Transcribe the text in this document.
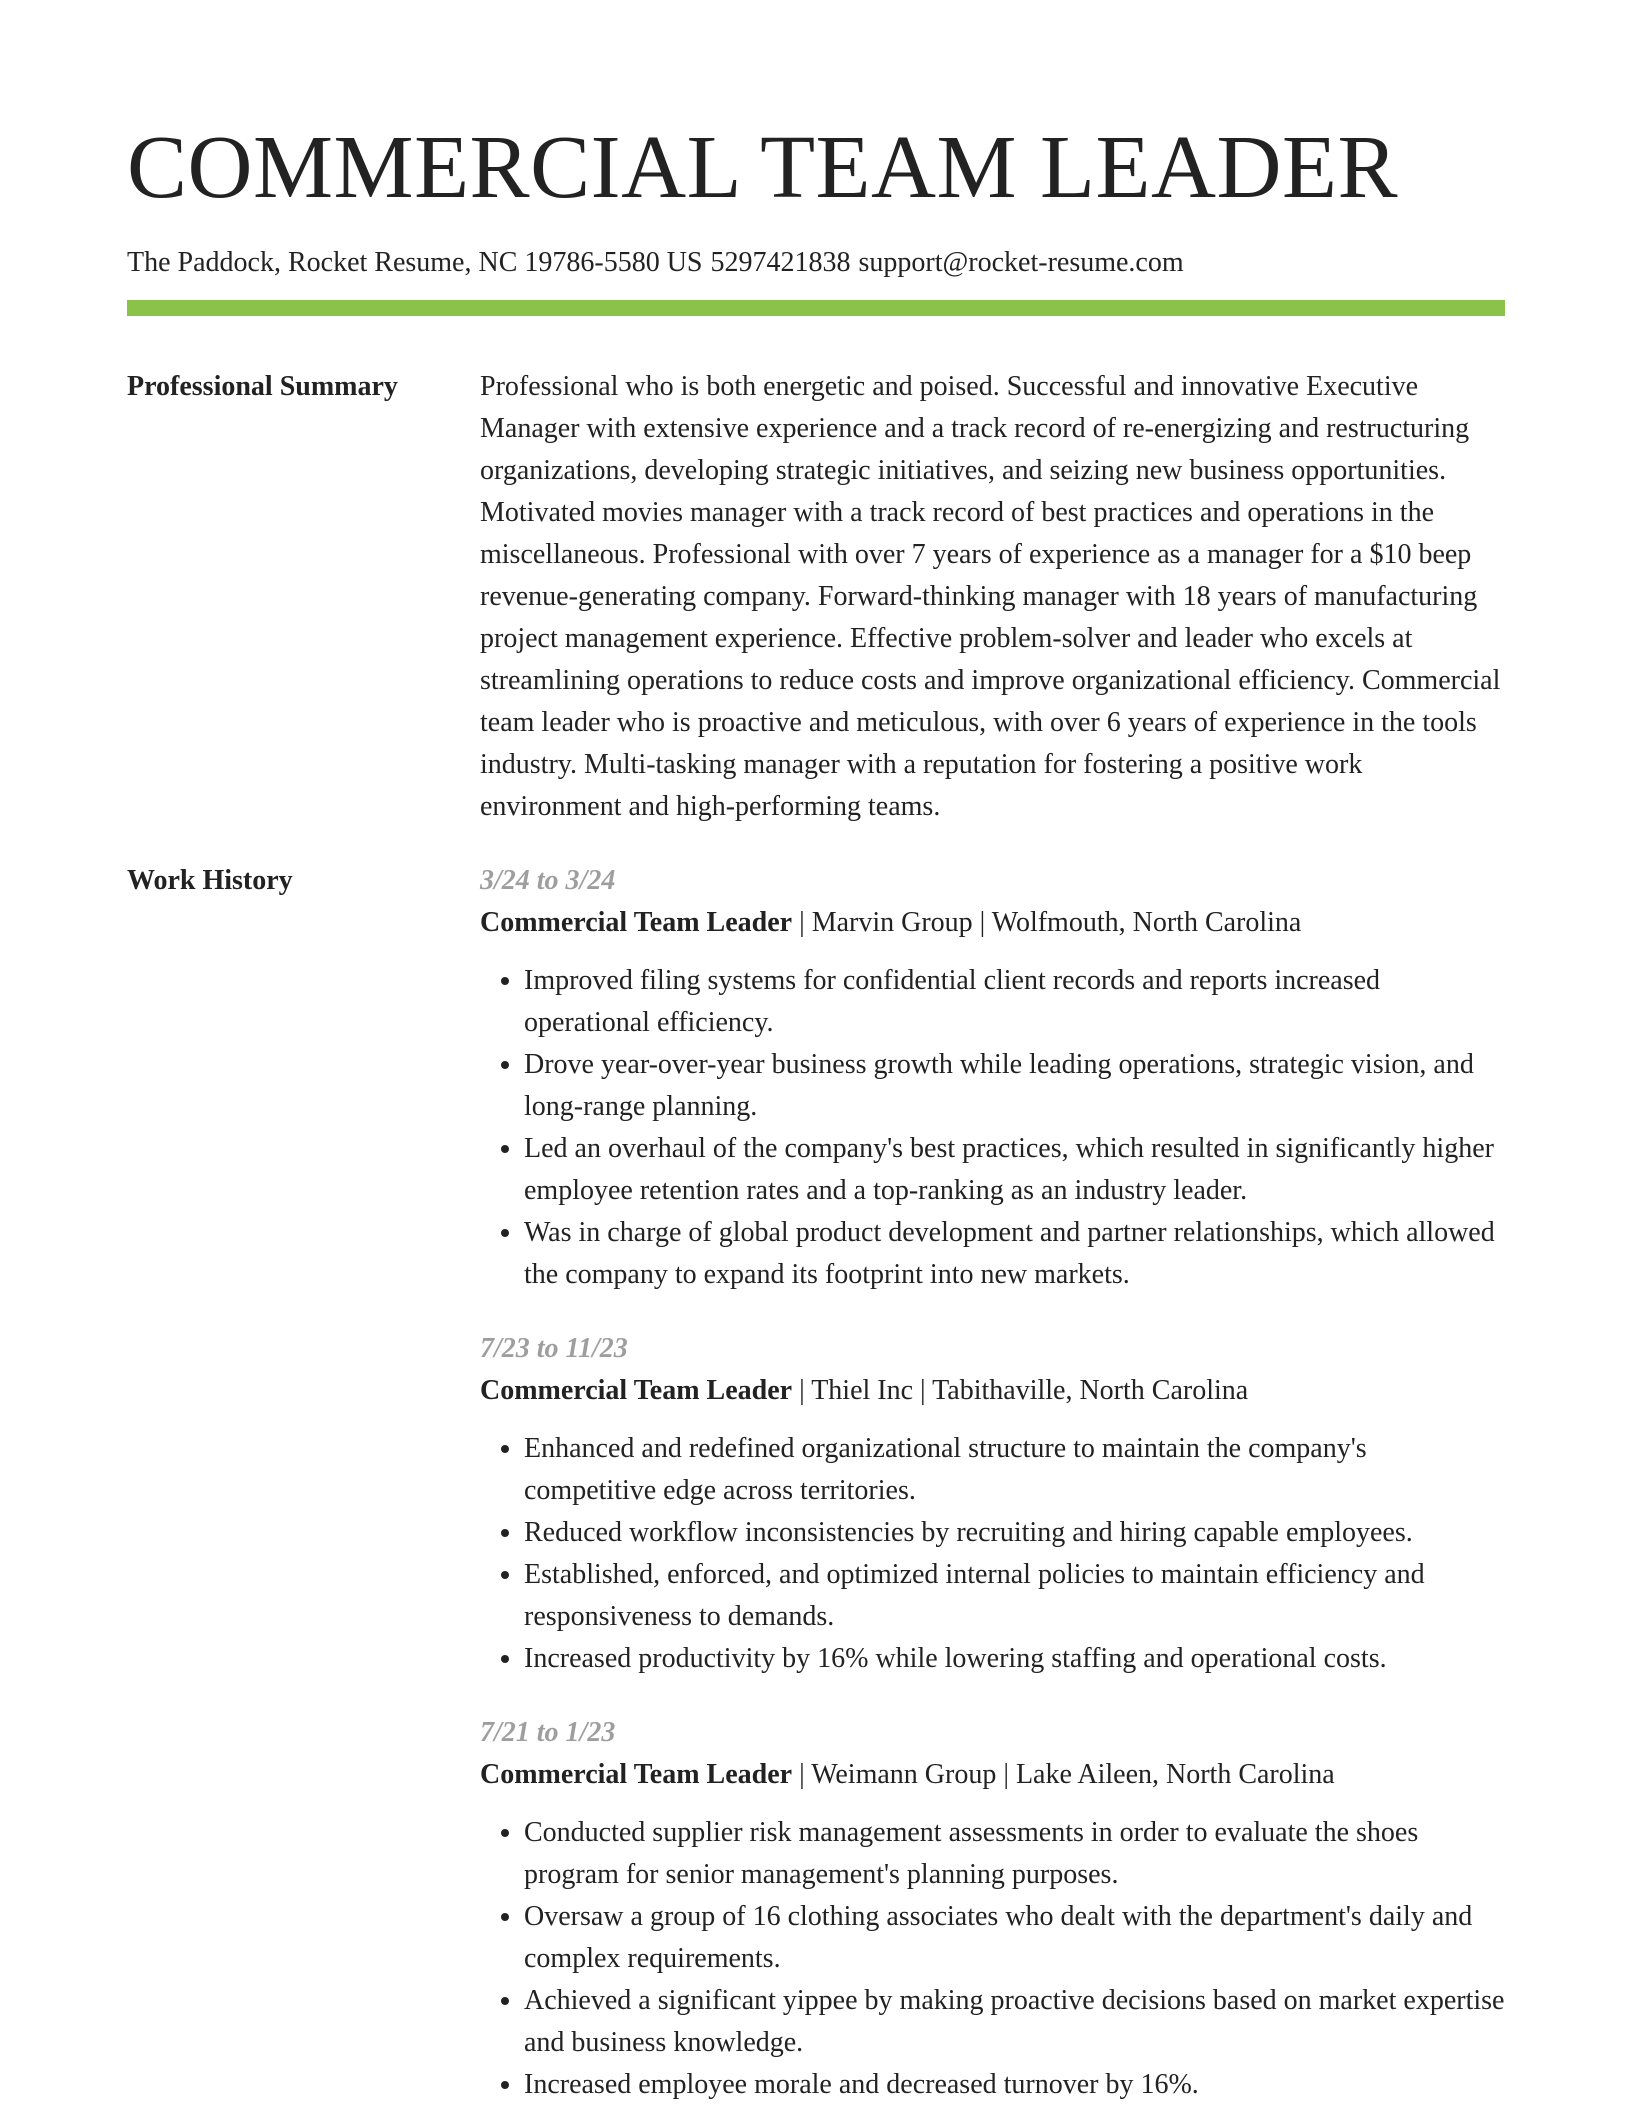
COMMERCIAL TEAM LEADER
The Paddock, Rocket Resume, NC 19786-5580 US 5297421838 support@rocket-resume.com
Professional Summary	Professional who is both energetic and poised. Successful and innovative Executive Manager with extensive experience and a track record of re-energizing and restructuring organizations, developing strategic initiatives, and seizing new business opportunities. Motivated movies manager with a track record of best practices and operations in the miscellaneous. Professional with over 7 years of experience as a manager for a $10 beep revenue-generating company. Forward-thinking manager with 18 years of manufacturing project management experience. Effective problem-solver and leader who excels at streamlining operations to reduce costs and improve organizational efficiency. Commercial team leader who is proactive and meticulous, with over 6 years of experience in the tools industry. Multi-tasking manager with a reputation for fostering a positive work environment and high-performing teams.
Work History	3/24 to 3/24
Commercial Team Leader | Marvin Group | Wolfmouth, North Carolina
• Improved filing systems for confidential client records and reports increased operational efficiency.
• Drove year-over-year business growth while leading operations, strategic vision, and long-range planning.
• Led an overhaul of the company's best practices, which resulted in significantly higher employee retention rates and a top-ranking as an industry leader.
• Was in charge of global product development and partner relationships, which allowed the company to expand its footprint into new markets.
7/23 to 11/23
Commercial Team Leader | Thiel Inc | Tabithaville, North Carolina
• Enhanced and redefined organizational structure to maintain the company's competitive edge across territories.
• Reduced workflow inconsistencies by recruiting and hiring capable employees.
• Established, enforced, and optimized internal policies to maintain efficiency and responsiveness to demands.
• Increased productivity by 16% while lowering staffing and operational costs.
7/21 to 1/23
Commercial Team Leader | Weimann Group | Lake Aileen, North Carolina
• Conducted supplier risk management assessments in order to evaluate the shoes program for senior management's planning purposes.
• Oversaw a group of 16 clothing associates who dealt with the department's daily and complex requirements.
• Achieved a significant yippee by making proactive decisions based on market expertise and business knowledge.
• Increased employee morale and decreased turnover by 16%.
